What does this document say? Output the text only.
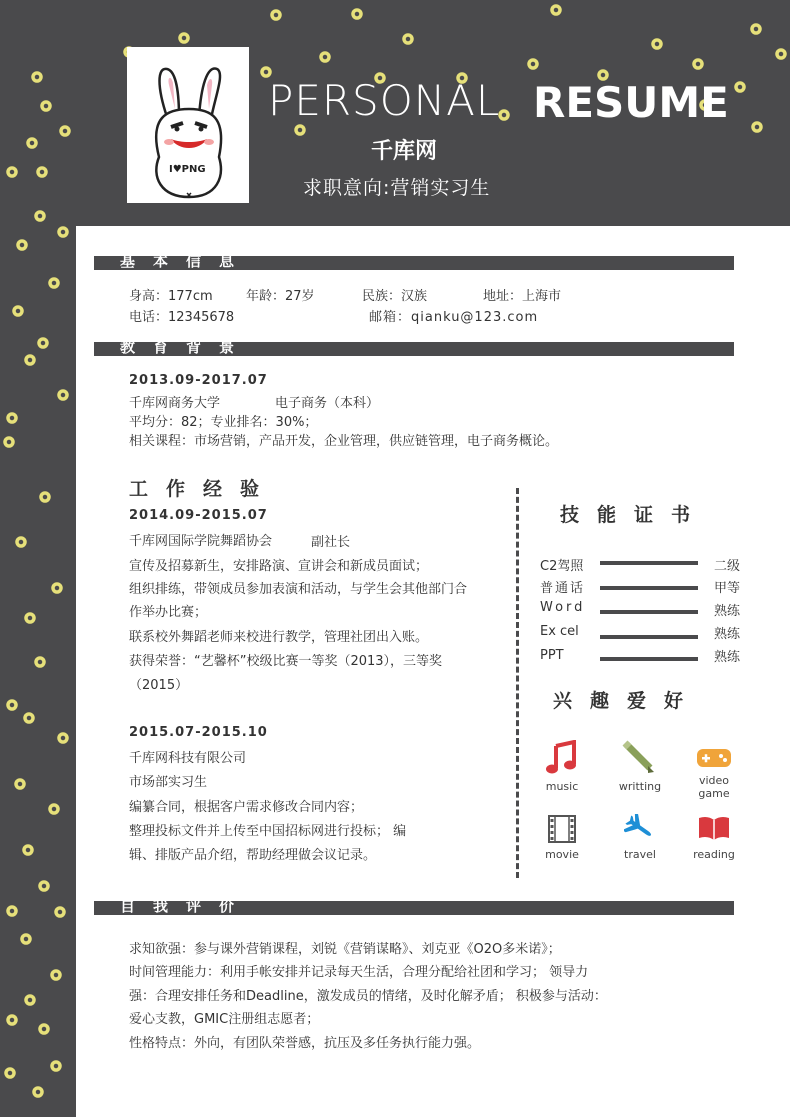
I♥PNG
PERSONAL RESUME
千库网
求职意向:营销实习生
基本信息
身高：177cm	年龄：27岁	民族：汉族	地址：上海市
电话：12345678	邮箱：qianku@123.com
教育背景
2013.09-2017.07
千库网商务大学	电子商务（本科）
平均分：82；专业排名：30%；
相关课程：市场营销，产品开发，企业管理，供应链管理，电子商务概论。
工作经验
2014.09-2015.07
千库网国际学院舞蹈协会	副社长
宣传及招募新生，安排路演、宣讲会和新成员面试；
组织排练，带领成员参加表演和活动，与学生会其他部门合
作举办比赛；
联系校外舞蹈老师来校进行教学，管理社团出入账。
获得荣誉：“艺馨杯”校级比赛一等奖（2013），三等奖
（2015）
2015.07-2015.10
千库网科技有限公司
市场部实习生
编纂合同，根据客户需求修改合同内容；
整理投标文件并上传至中国招标网进行投标； 编
辑、排版产品介绍，帮助经理做会议记录。
技能证书
C2驾照	二级
普通话	甲等
Word	熟练
Ex cel	熟练
PPT	熟练
兴趣爱好
music	writting	video game
movie	travel	reading
自我评价
求知欲强：参与课外营销课程，刘锐《营销谋略》、刘克亚《O2O多米诺》；
时间管理能力：利用手帐安排并记录每天生活，合理分配给社团和学习； 领导力
强：合理安排任务和Deadline，激发成员的情绪，及时化解矛盾； 积极参与活动：
爱心支教，GMIC注册组志愿者；
性格特点：外向，有团队荣誉感，抗压及多任务执行能力强。
